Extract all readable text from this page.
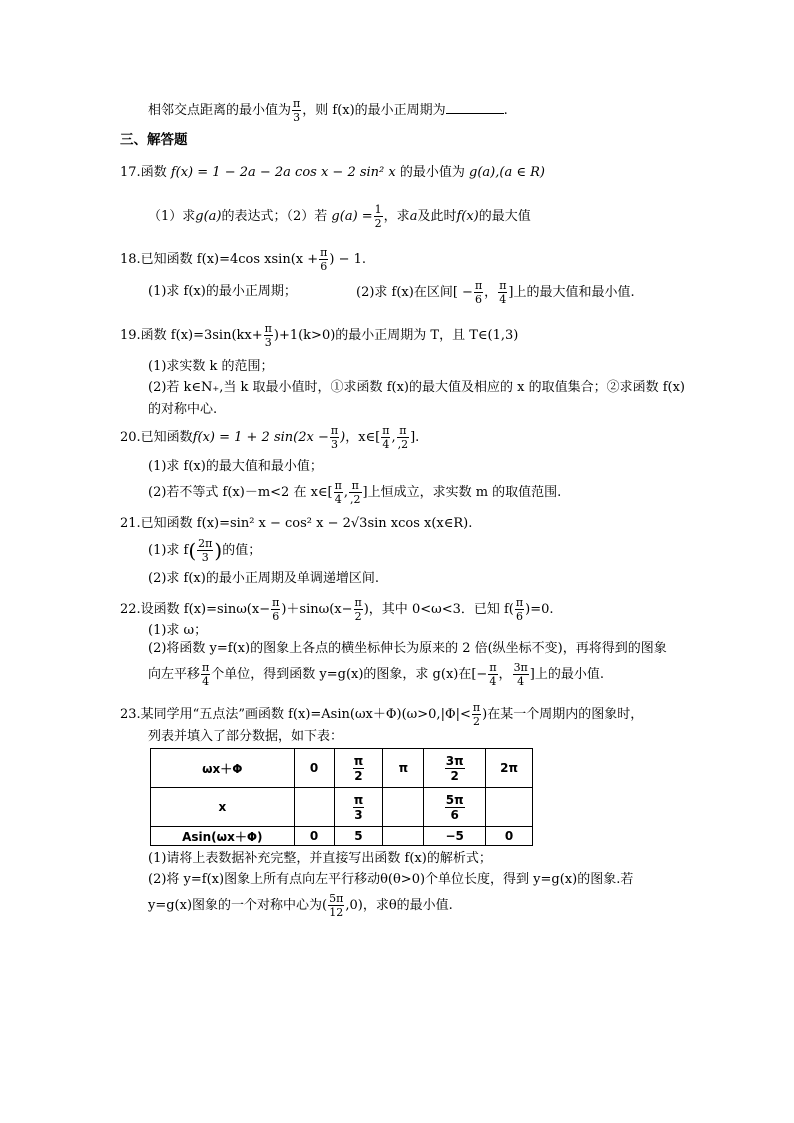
相邻交点距离的最小值为 $\frac{\pi}{3}$ ，则 f(x)的最小正周期为	.
三、解答题
17.函数 f(x) = 1 − 2a − 2a cos x − 2 sin² x 的最小值为 g(a),(a ∈ R)
（1）求g(a)的表达式；（2）若 $g(a) = \frac{1}{2}$ ，求a及此时f(x)的最大值
18.已知函数 f(x)=4cos $xsin(x + \frac{\pi}{6}$ ) − 1.
(1)求 f(x)的最小正周期；	(2)求 f(x)在区间[ − $\frac{\pi}{6}$ ， $\frac{\pi}{4}$ ]上的最大值和最小值.
19.函数 $f(x)=3\sin(kx+ \frac{\pi}{3} )+1(k>0)$的最小正周期为 T，且 T∈(1,3)
(1)求实数 k 的范围；
(2)若 k∈N₊,当 k 取最小值时，①求函数 f(x)的最大值及相应的 x 的取值集合；②求函数 f(x)
的对称中心.
20.已知函数f(x) = 1 + 2 $\sin(2x - \frac{\pi}{3}$ )，x∈[ $\frac{\pi}{4}$ , $\frac{\pi}{,2}$ ].
(1)求 f(x)的最大值和最小值；
(2)若不等式 f(x)－m<2 在 x∈[ $\frac{\pi}{4}$ , $\frac{\pi}{,2}$ ]上恒成立，求实数 m 的取值范围.
21.已知函数 f(x)=sin² x − cos² x − 2√3sin xcos x(x∈R).
(1)求 $f( \frac{2\pi}{3}$ )的值；
(2)求 f(x)的最小正周期及单调递增区间.
22.设函数 $f(x)=\sin\omega(x- \frac{\pi}{6} )+\sin\omega(x- \frac{\pi}{2}$ )，其中 0<ω<3．已知 $f( \frac{\pi}{6} )=0$.
(1)求 ω；
(2)将函数 y=f(x)的图象上各点的横坐标伸长为原来的 2 倍(纵坐标不变)，再将得到的图象
向左平移 $\frac{\pi}{4}$ 个单位，得到函数 y=g(x)的图象，求 g(x)在[− $\frac{\pi}{4}$ ， $\frac{3\pi}{4}$ ]上的最小值.
23.某同学用“五点法”画函数 $f(x)=Asin(\omega x+\Phi)(\omega>0,|\Phi|< \frac{\pi}{2}$ )在某一个周期内的图象时，
列表并填入了部分数据，如下表：
ωx＋Φ	0	$\frac{\pi}{2}$	π	$\frac{3\pi}{2}$	2π
x		$\frac{\pi}{3}$		$\frac{5\pi}{6}$

Asin(ωx＋Φ)	0	5		−5	0
(1)请将上表数据补充完整，并直接写出函数 f(x)的解析式；
(2)将 y=f(x)图象上所有点向左平行移动θ(θ>0)个单位长度，得到 y=g(x)的图象.若
y=g(x)图象的一个对称中心为( $\frac{5\pi}{12} ,0$)，求θ的最小值.
